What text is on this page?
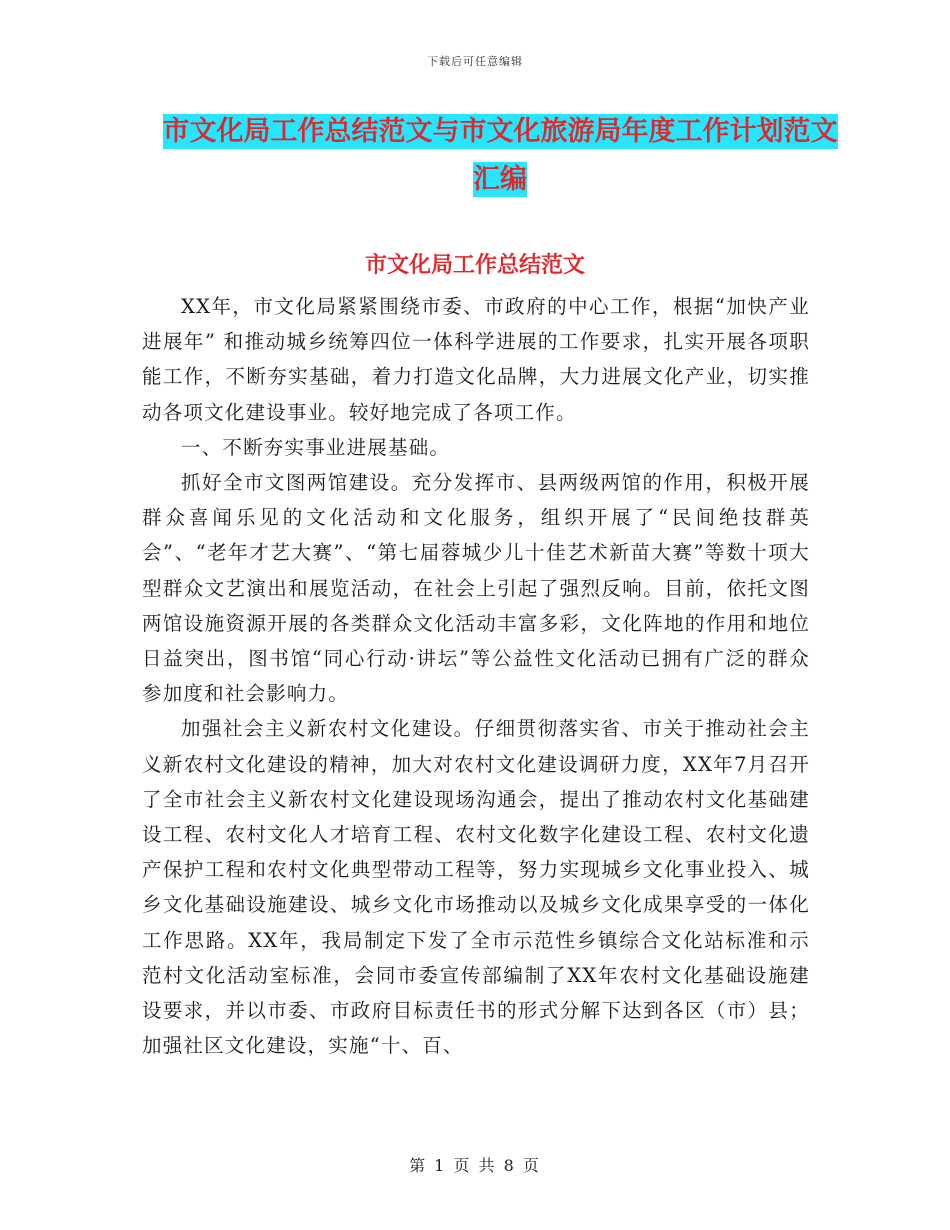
下载后可任意编辑
市文化局工作总结范文与市文化旅游局年度工作计划范文汇编
市文化局工作总结范文

XX年，市文化局紧紧围绕市委、市政府的中心工作，根据“加快产业进展年” 和推动城乡统筹四位一体科学进展的工作要求，扎实开展各项职能工作，不断夯实基础，着力打造文化品牌，大力进展文化产业，切实推动各项文化建设事业。较好地完成了各项工作。

一、不断夯实事业进展基础。

抓好全市文图两馆建设。充分发挥市、县两级两馆的作用，积极开展群众喜闻乐见的文化活动和文化服务，组织开展了“民间绝技群英会”、“老年才艺大赛”、“第七届蓉城少儿十佳艺术新苗大赛”等数十项大型群众文艺演出和展览活动，在社会上引起了强烈反响。目前，依托文图两馆设施资源开展的各类群众文化活动丰富多彩，文化阵地的作用和地位日益突出，图书馆“同心行动·讲坛”等公益性文化活动已拥有广泛的群众参加度和社会影响力。

加强社会主义新农村文化建设。仔细贯彻落实省、市关于推动社会主义新农村文化建设的精神，加大对农村文化建设调研力度，XX年7月召开了全市社会主义新农村文化建设现场沟通会，提出了推动农村文化基础建设工程、农村文化人才培育工程、农村文化数字化建设工程、农村文化遗产保护工程和农村文化典型带动工程等，努力实现城乡文化事业投入、城乡文化基础设施建设、城乡文化市场推动以及城乡文化成果享受的一体化工作思路。XX年，我局制定下发了全市示范性乡镇综合文化站标准和示范村文化活动室标准，会同市委宣传部编制了XX年农村文化基础设施建设要求，并以市委、市政府目标责任书的形式分解下达到各区（市）县；加强社区文化建设，实施“十、百、

第 1 页 共 8 页
